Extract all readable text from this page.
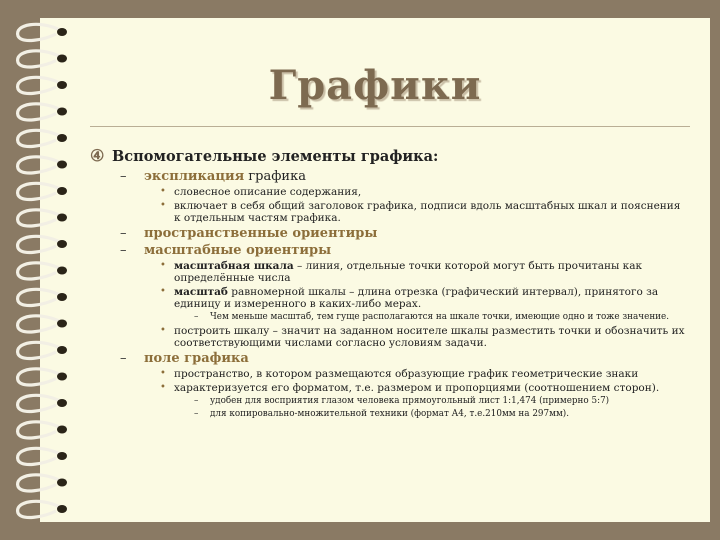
Графики
④ Вспомогательные элементы графика:
– экспликация графика
• словесное описание содержания,
• включает в себя общий заголовок графика, подписи вдоль масштабных шкал и пояснения к отдельным частям графика.
– пространственные ориентиры
– масштабные ориентиры
• масштабная шкала – линия, отдельные точки которой могут быть прочитаны как определённые числа
• масштаб равномерной шкалы – длина отрезка (графический интервал), принятого за единицу и измеренного в каких-либо мерах.
– Чем меньше масштаб, тем гуще располагаются на шкале точки, имеющие одно и тоже значение.
• построить шкалу – значит на заданном носителе шкалы разместить точки и обозначить их соответствующими числами согласно условиям задачи.
– поле графика
• пространство, в котором размещаются образующие график геометрические знаки
• характеризуется его форматом, т.е. размером и пропорциями (соотношением сторон).
– удобен для восприятия глазом человека прямоугольный лист 1:1,474 (примерно 5:7)
– для копировально-множительной техники (формат А4, т.е.210мм на 297мм).
